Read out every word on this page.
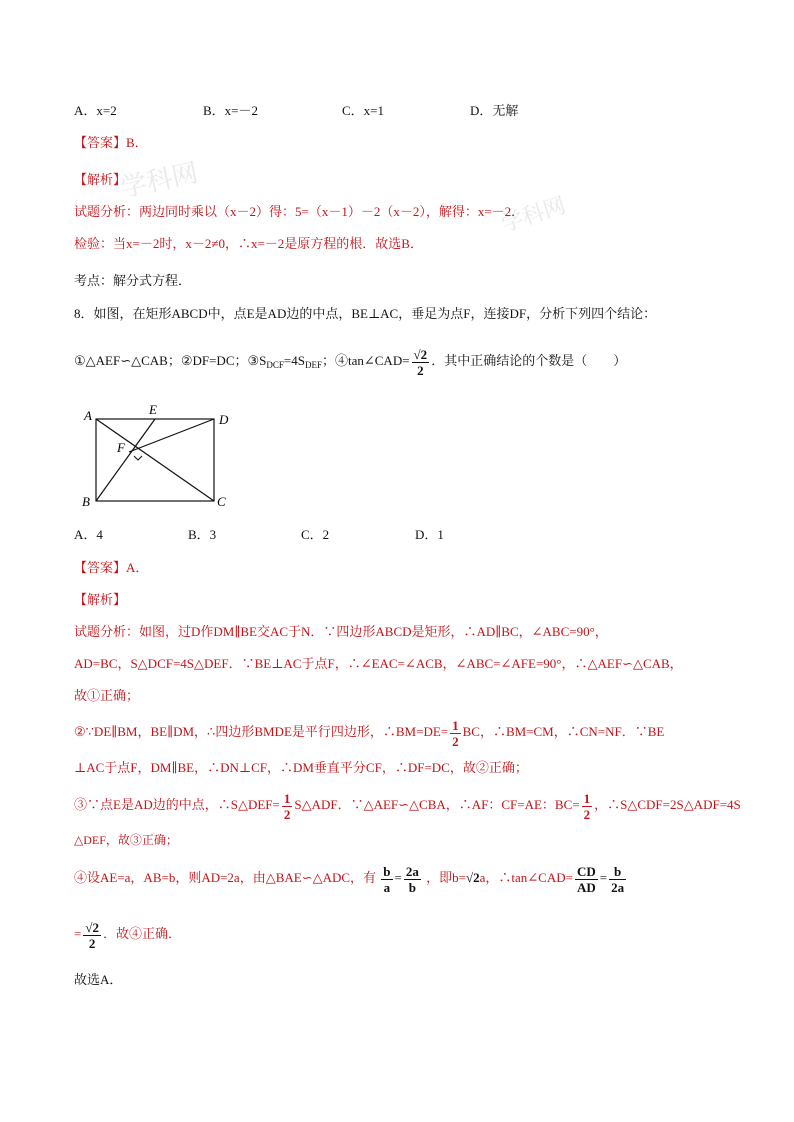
学科网
学科网
A．x=2	B．x=－2	C．x=1	D．无解
【答案】B．
【解析】
试题分析：两边同时乘以（x－2）得：5=（x－1）－2（x－2），解得：x=－2．
检验：当x=－2时，x－2≠0，∴x=－2是原方程的根．故选B．
考点：解分式方程．
8．如图，在矩形ABCD中，点E是AD边的中点，BE⊥AC，垂足为点F，连接DF，分析下列四个结论：
①△AEF∽△CAB；②DF=DC；$③S_{DCF}=4S_{DEF}$；④tan∠CAD= $\frac{√2}{2}$ ．其中正确结论的个数是（　　）
A	E
D
F
B	C
A．4	B．3	C．2	D．1
【答案】A．
【解析】
试题分析：如图，过D作DM∥BE交AC于N．∵四边形ABCD是矩形，∴AD∥BC，∠ABC=90°，
AD=BC，S△DCF=4S△DEF．∵BE⊥AC于点F，∴∠EAC=∠ACB，∠ABC=∠AFE=90°，∴△AEF∽△CAB，
故①正确；
②∵DE∥BM，BE∥DM，∴四边形BMDE是平行四边形，∴BM=DE= $\frac{1}{2}$ BC，∴BM=CM，∴CN=NF．∵BE
⊥AC于点F，DM∥BE，∴DN⊥CF，∴DM垂直平分CF，∴DF=DC，故②正确；
③∵点E是AD边的中点，∴S△DEF= $\frac{1}{2}$ S△ADF．∵△AEF∽△CBA，∴AF：CF=AE：$BC= \frac{1}{2}$ ，∴S△CDF=2S△ADF=4S
△DEF，故③正确；
④设AE=a，AB=b，则AD=2a，由△BAE∽△ADC，有 $\frac{b}{a} = \frac{2a}{b}$ ，即b=√2a，∴tan∠CAD= $\frac{CD}{AD} = \frac{b}{2a}$
= $\frac{√2}{2}$ ．故④正确．
故选A．
